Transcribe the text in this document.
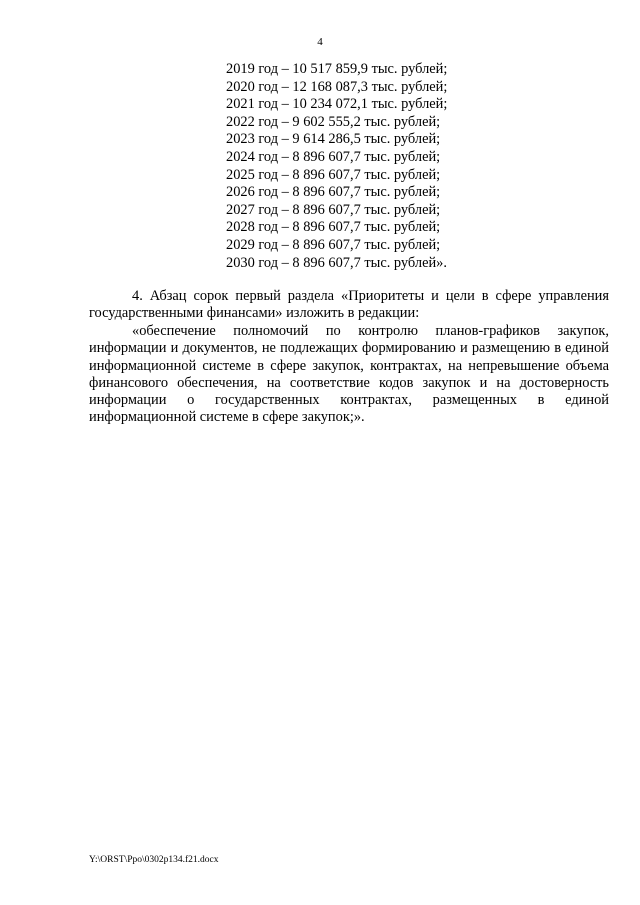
4
2019 год – 10 517 859,9 тыс. рублей;
2020 год – 12 168 087,3 тыс. рублей;
2021 год – 10 234 072,1 тыс. рублей;
2022 год – 9 602 555,2 тыс. рублей;
2023 год – 9 614 286,5 тыс. рублей;
2024 год – 8 896 607,7 тыс. рублей;
2025 год – 8 896 607,7 тыс. рублей;
2026 год – 8 896 607,7 тыс. рублей;
2027 год – 8 896 607,7 тыс. рублей;
2028 год – 8 896 607,7 тыс. рублей;
2029 год – 8 896 607,7 тыс. рублей;
2030 год – 8 896 607,7 тыс. рублей».

4. Абзац сорок первый раздела «Приоритеты и цели в сфере управления государственными финансами» изложить в редакции:

«обеспечение полномочий по контролю планов-графиков закупок, информации и документов, не подлежащих формированию и размещению в единой информационной системе в сфере закупок, контрактах, на непревышение объема финансового обеспечения, на соответствие кодов закупок и на достоверность информации о государственных контрактах, размещенных в единой информационной системе в сфере закупок;».

Y:\ORST\Ppo\0302p134.f21.docx
